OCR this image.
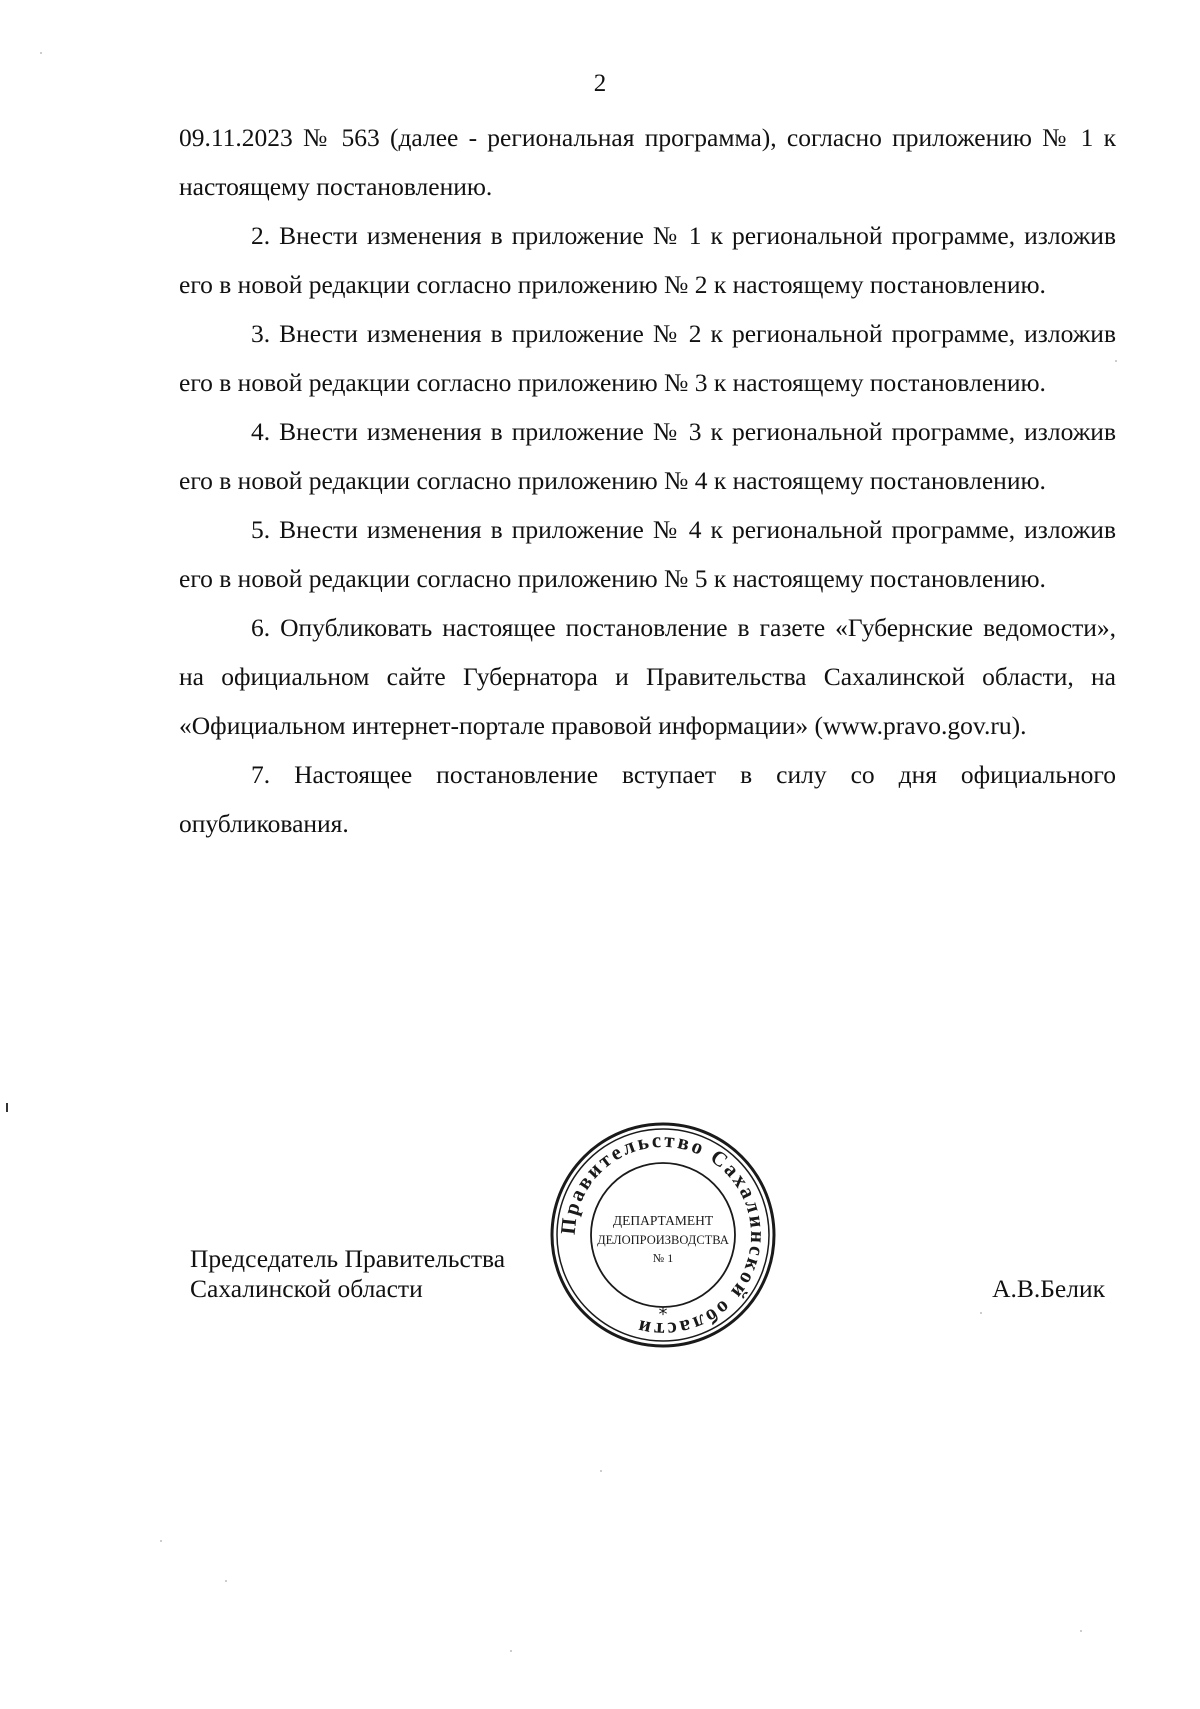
2

09.11.2023 № 563 (далее - региональная программа), согласно приложению № 1 к настоящему постановлению.

2. Внести изменения в приложение № 1 к региональной программе, изложив его в новой редакции согласно приложению № 2 к настоящему постановлению.

3. Внести изменения в приложение № 2 к региональной программе, изложив его в новой редакции согласно приложению № 3 к настоящему постановлению.

4. Внести изменения в приложение № 3 к региональной программе, изложив его в новой редакции согласно приложению № 4 к настоящему постановлению.

5. Внести изменения в приложение № 4 к региональной программе, изложив его в новой редакции согласно приложению № 5 к настоящему постановлению.

6. Опубликовать настоящее постановление в газете «Губернские ведомости», на официальном сайте Губернатора и Правительства Сахалинской области, на «Официальном интернет-портале правовой информации» (www.pravo.gov.ru).

7. Настоящее постановление вступает в силу со дня официального опубликования.

Председатель Правительства
Сахалинской области	А.В.Белик
Правительство Сахалинской области
*
ДЕПАРТАМЕНТ
ДЕЛОПРОИЗВОДСТВА
№ 1
